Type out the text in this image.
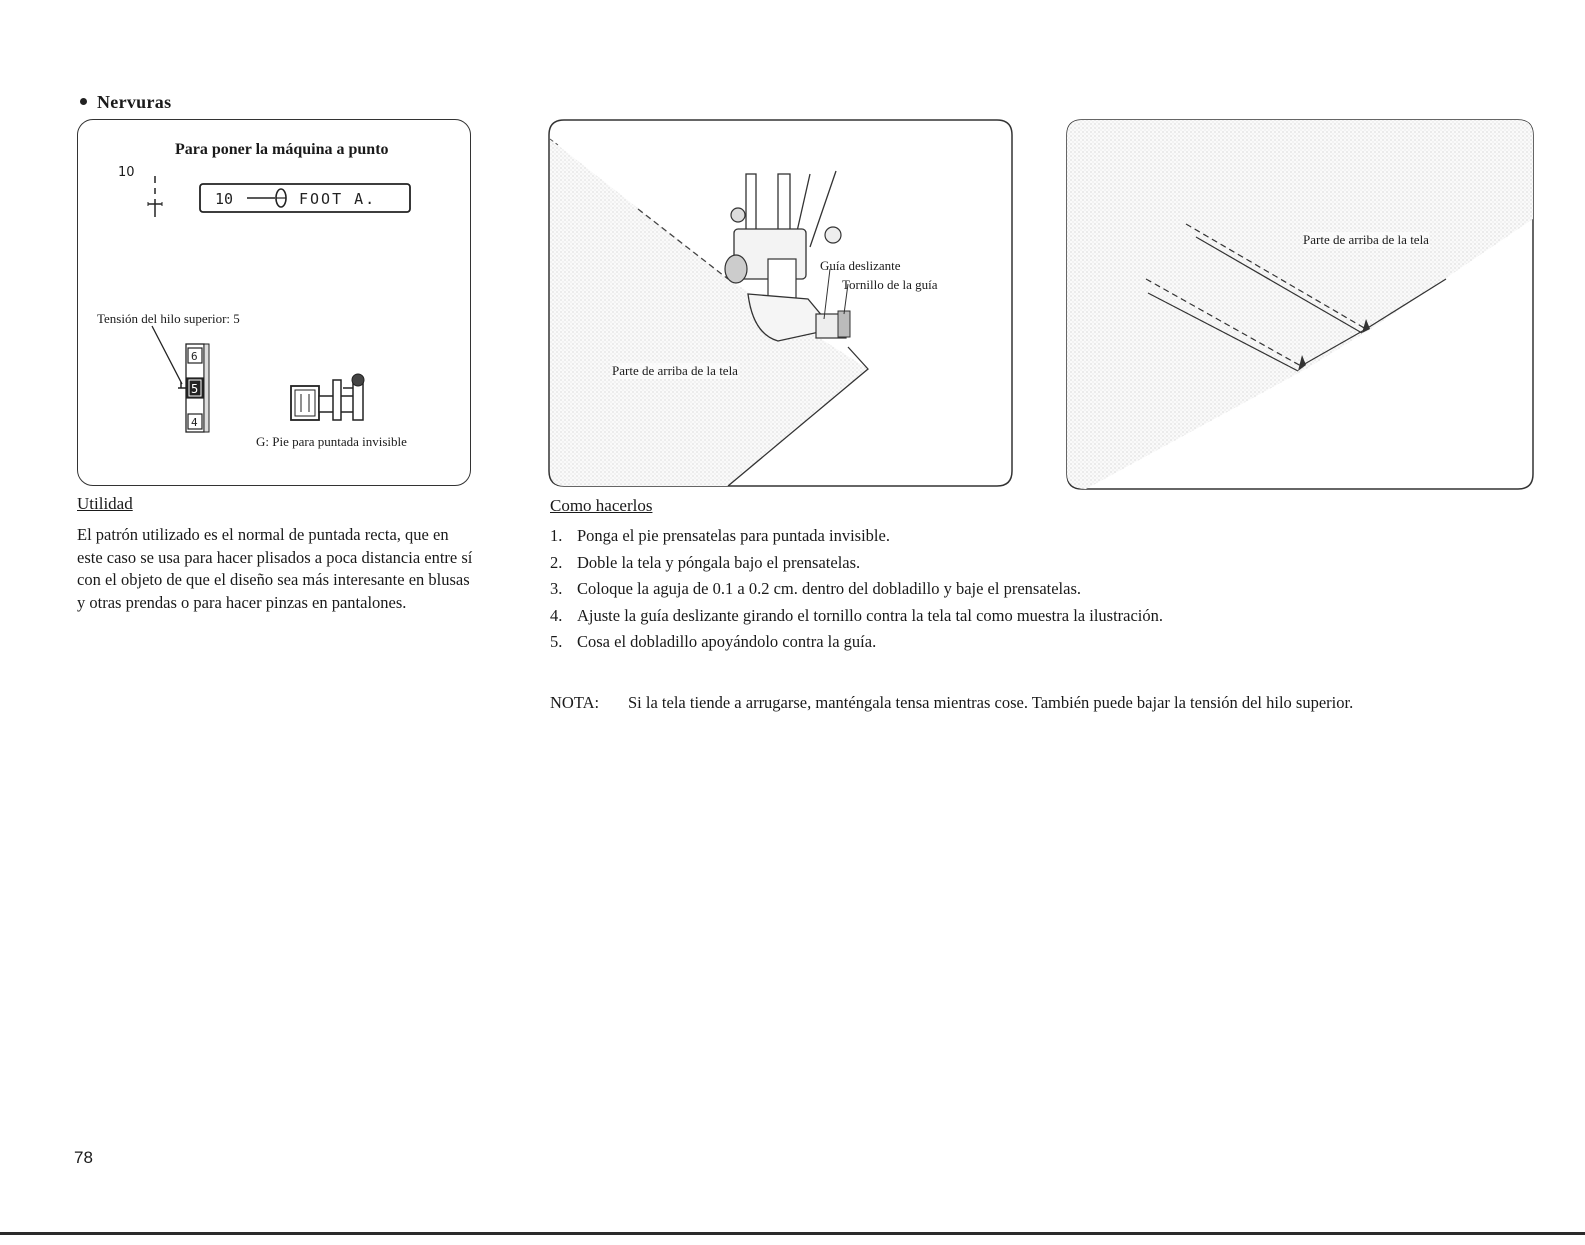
Nervuras
Para poner la máquina a punto
10
10	FOOT A.
Tensión del hilo superior: 5
6
5
4
G: Pie para puntada invisible
Guía deslizante
Tornillo de la guía
Parte de arriba de la tela
Parte de arriba de la tela
Utilidad
El patrón utilizado es el normal de puntada recta, que en este caso se usa para hacer plisados a poca distancia entre sí con el objeto de que el diseño sea más interesante en blusas y otras prendas o para hacer pinzas en pantalones.
Como hacerlos
1. Ponga el pie prensatelas para puntada invisible.
2. Doble la tela y póngala bajo el prensatelas.
3. Coloque la aguja de 0.1 a 0.2 cm. dentro del dobladillo y baje el prensatelas.
4. Ajuste la guía deslizante girando el tornillo contra la tela tal como muestra la ilustración.
5. Cosa el dobladillo apoyándolo contra la guía.
NOTA: Si la tela tiende a arrugarse, manténgala tensa mientras cose. También puede bajar la tensión del hilo superior.
78
